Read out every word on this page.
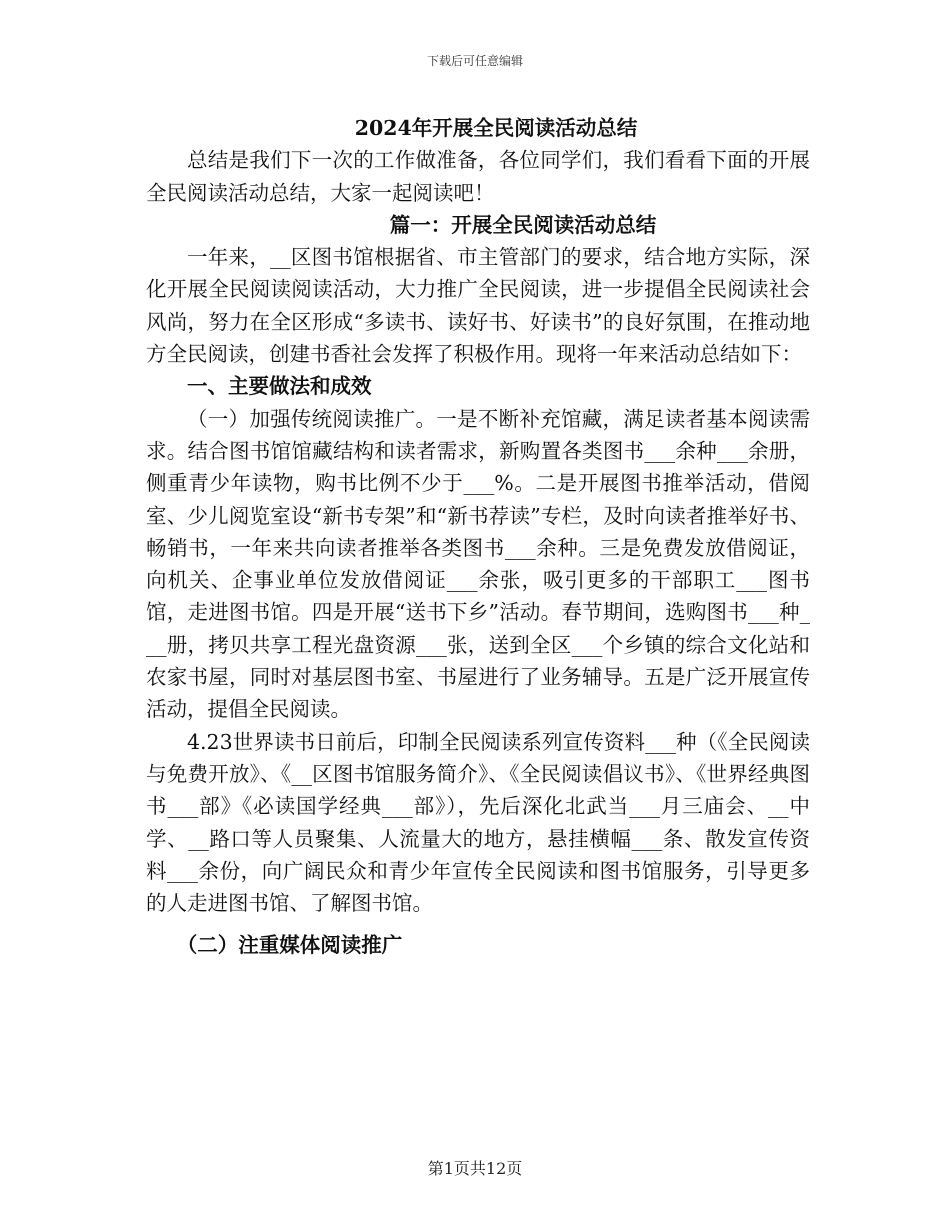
下载后可任意编辑
2024年开展全民阅读活动总结

总结是我们下一次的工作做准备，各位同学们，我们看看下面的开展全民阅读活动总结，大家一起阅读吧！

篇一：开展全民阅读活动总结

一年来，__区图书馆根据省、市主管部门的要求，结合地方实际，深化开展全民阅读阅读活动，大力推广全民阅读，进一步提倡全民阅读社会风尚，努力在全区形成“多读书、读好书、好读书”的良好氛围，在推动地方全民阅读，创建书香社会发挥了积极作用。现将一年来活动总结如下：

一、主要做法和成效

（一）加强传统阅读推广。一是不断补充馆藏，满足读者基本阅读需求。结合图书馆馆藏结构和读者需求，新购置各类图书___余种___余册，侧重青少年读物，购书比例不少于___%。二是开展图书推举活动，借阅室、少儿阅览室设“新书专架”和“新书荐读”专栏，及时向读者推举好书、畅销书，一年来共向读者推举各类图书___余种。三是免费发放借阅证，向机关、企事业单位发放借阅证___余张，吸引更多的干部职工___图书馆，走进图书馆。四是开展“送书下乡”活动。春节期间，选购图书___种___册，拷贝共享工程光盘资源___张，送到全区___个乡镇的综合文化站和农家书屋，同时对基层图书室、书屋进行了业务辅导。五是广泛开展宣传活动，提倡全民阅读。

4.23世界读书日前后，印制全民阅读系列宣传资料___种（《全民阅读与免费开放》、《__区图书馆服务简介》、《全民阅读倡议书》、《世界经典图书___部》《必读国学经典___部》），先后深化北武当___月三庙会、__中学、__路口等人员聚集、人流量大的地方，悬挂横幅___条、散发宣传资料___余份，向广阔民众和青少年宣传全民阅读和图书馆服务，引导更多的人走进图书馆、了解图书馆。

（二）注重媒体阅读推广
第1页共12页
